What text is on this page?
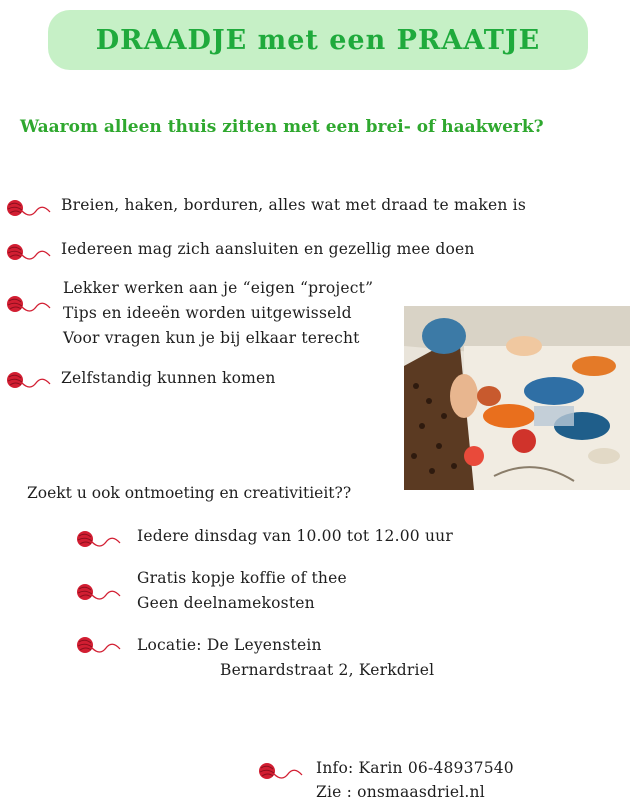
DRAADJE met een PRAATJE
Waarom alleen thuis zitten met een brei- of haakwerk?
Breien, haken, borduren, alles wat met draad te maken is
Iedereen mag zich aansluiten en gezellig mee doen
Lekker werken aan je “eigen “project”
Tips en ideeën worden uitgewisseld
Voor vragen kun je bij elkaar terecht
Zelfstandig kunnen komen
Zoekt u ook ontmoeting en creativitieit??
Iedere dinsdag van 10.00 tot 12.00 uur
Gratis kopje koffie of thee
Geen deelnamekosten
Locatie: De Leyenstein
Bernardstraat 2, Kerkdriel
Info: Karin 06-48937540
Zie : onsmaasdriel.nl
